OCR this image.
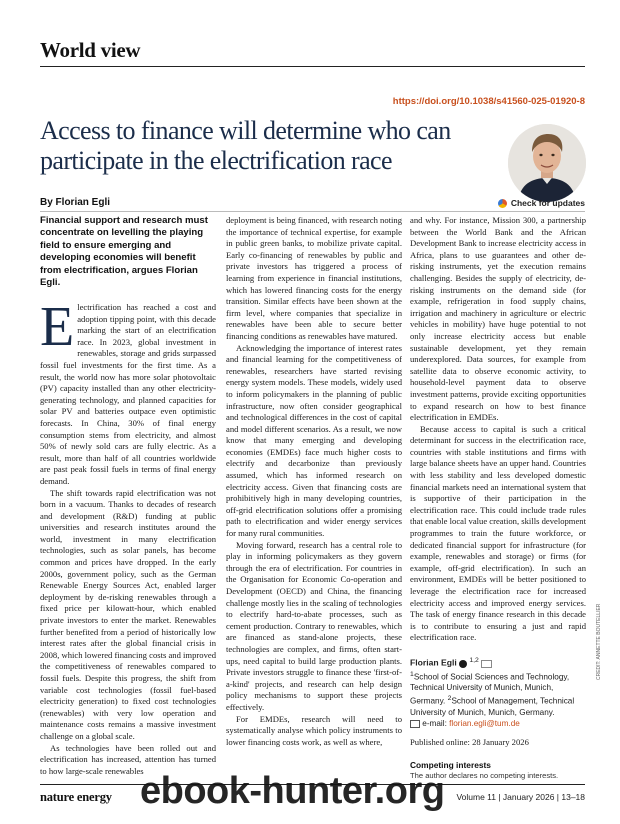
World view
https://doi.org/10.1038/s41560-025-01920-8
Access to finance will determine who can participate in the electrification race
By Florian Egli	Check for updates
Financial support and research must concentrate on levelling the playing field to ensure emerging and developing economies will benefit from electrification, argues Florian Egli.

Electrification has reached a cost and adoption tipping point, with this decade marking the start of an electrification race. In 2023, global investment in renewables, storage and grids surpassed fossil fuel investments for the first time. As a result, the world now has more solar photovoltaic (PV) capacity installed than any other electricity-generating technology, and planned capacities for solar PV and batteries outpace even optimistic forecasts. In China, 30% of final energy consumption stems from electricity, and almost 50% of newly sold cars are fully electric. As a result, more than half of all countries worldwide are past peak fossil fuels in terms of final energy demand.

The shift towards rapid electrification was not born in a vacuum. Thanks to decades of research and development (R&D) funding at public universities and research institutes around the world, investment in many electrification technologies, such as solar panels, has become common and prices have dropped. In the early 2000s, government policy, such as the German Renewable Energy Sources Act, enabled larger deployment by de-risking renewables through a fixed price per kilowatt-hour, which enabled private investors to enter the market. Renewables further benefited from a period of historically low interest rates after the global financial crisis in 2008, which lowered financing costs and improved the competitiveness of renewables compared to fossil fuels. Despite this progress, the shift from variable cost technologies (fossil fuel-based electricity generation) to fixed cost technologies (renewables) with very low operation and maintenance costs remains a massive investment challenge on a global scale.

As technologies have been rolled out and electrification has increased, attention has turned to how large-scale renewables

deployment is being financed, with research noting the importance of technical expertise, for example in public green banks, to mobilize private capital. Early co-financing of renewables by public and private investors has triggered a process of learning from experience in financial institutions, which has lowered financing costs for the energy transition. Similar effects have been shown at the firm level, where companies that specialize in renewables have been able to secure better financing conditions as renewables have matured.

Acknowledging the importance of interest rates and financial learning for the competitiveness of renewables, researchers have started revising energy system models. These models, widely used to inform policymakers in the planning of public infrastructure, now often consider geographical and technological differences in the cost of capital and model different scenarios. As a result, we now know that many emerging and developing economies (EMDEs) face much higher costs to electrify and decarbonize than previously assumed, which has informed research on electricity access. Given that financing costs are prohibitively high in many developing countries, off-grid electrification solutions offer a promising path to electrification and wider energy services for many rural communities.

Moving forward, research has a central role to play in informing policymakers as they govern through the era of electrification. For countries in the Organisation for Economic Co-operation and Development (OECD) and China, the financing challenge mostly lies in the scaling of technologies to electrify hard-to-abate processes, such as cement production. Contrary to renewables, which are financed as stand-alone projects, these technologies are complex, and firms, often start-ups, need capital to build large production plants. Private investors struggle to finance these 'first-of-a-kind' projects, and research can help design policy mechanisms to support these projects effectively.

For EMDEs, research will need to systematically analyse which policy instruments to lower financing costs work, as well as where,

and why. For instance, Mission 300, a partnership between the World Bank and the African Development Bank to increase electricity access in Africa, plans to use guarantees and other de-risking instruments, yet the execution remains challenging. Besides the supply of electricity, de-risking instruments on the demand side (for example, refrigeration in food supply chains, irrigation and machinery in agriculture or electric vehicles in mobility) have huge potential to not only increase electricity access but enable sustainable development, yet they remain underexplored. Data sources, for example from satellite data to observe economic activity, to household-level payment data to observe investment patterns, provide exciting opportunities to expand research on how to best finance electrification in EMDEs.

Because access to capital is such a critical determinant for success in the electrification race, countries with stable institutions and firms with large balance sheets have an upper hand. Countries with less stability and less developed domestic financial markets need an international system that is supportive of their participation in the electrification race. This could include trade rules that enable local value creation, skills development programmes to train the future workforce, or dedicated financial support for infrastructure (for example, renewables and storage) or firms (for example, off-grid electrification). In such an environment, EMDEs will be better positioned to leverage the electrification race for increased electricity access and improved energy services. The task of energy finance research in this decade is to contribute to ensuring a just and rapid electrification race.

Florian Egli $^{1,2}$
$^1$School of Social Sciences and Technology, Technical University of Munich, Munich, Germany. $^2$School of Management, Technical University of Munich, Munich, Germany.
e-mail: florian.egli@tum.de
Published online: 28 January 2026
Competing interests
The author declares no competing interests.
CREDIT: ANNETTE BOUTELLIER
nature energy	Volume 11 | January 2026 | 13–18
ebook-hunter.org
